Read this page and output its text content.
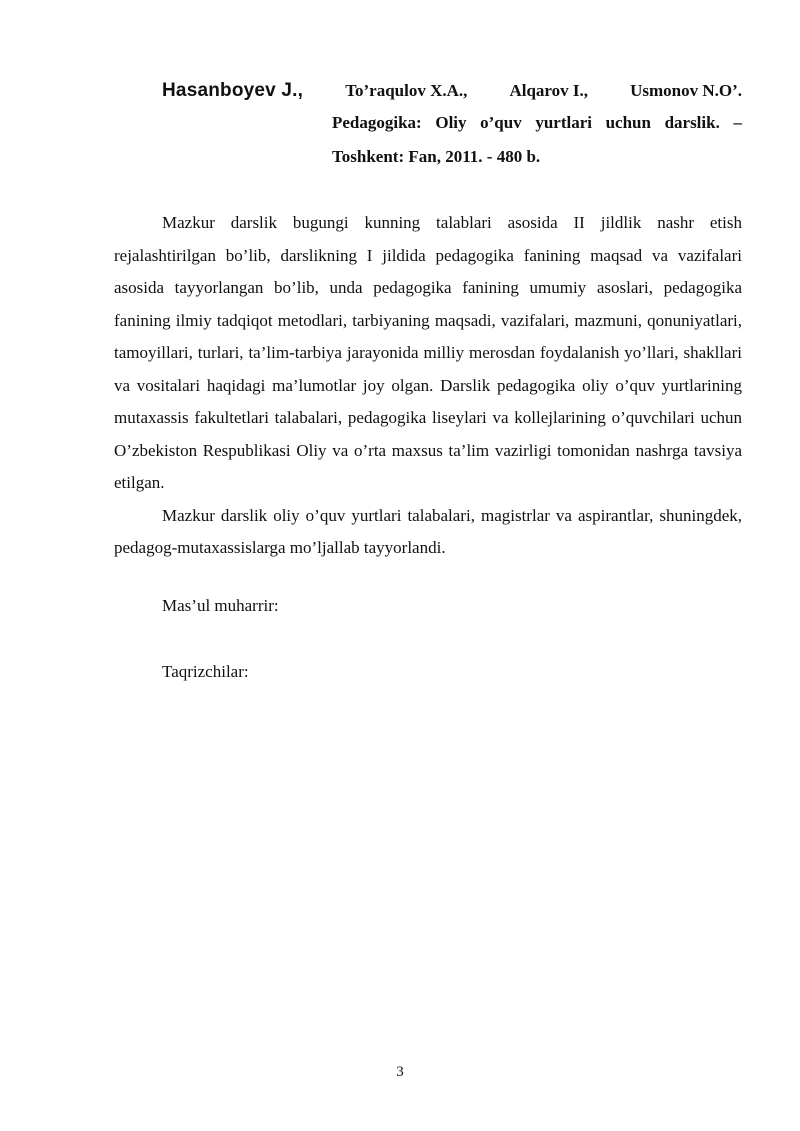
Hasanboyev J., To’raqulov X.A., Alqarov I., Usmonov N.O’.
Pedagogika: Oliy o’quv yurtlari uchun darslik. –
Toshkent: Fan, 2011. - 480 b.

Mazkur darslik bugungi kunning talablari asosida II jildlik nashr etish rejalashtirilgan bo’lib, darslikning I jildida pedagogika fanining maqsad va vazifalari asosida tayyorlangan bo’lib, unda pedagogika fanining umumiy asoslari, pedagogika fanining ilmiy tadqiqot metodlari, tarbiyaning maqsadi, vazifalari, mazmuni, qonuniyatlari, tamoyillari, turlari, ta’lim-tarbiya jarayonida milliy merosdan foydalanish yo’llari, shakllari va vositalari haqidagi ma’lumotlar joy olgan. Darslik pedagogika oliy o’quv yurtlarining mutaxassis fakultetlari talabalari, pedagogika liseylari va kollejlarining o’quvchilari uchun O’zbekiston Respublikasi Oliy va o’rta maxsus ta’lim vazirligi tomonidan nashrga tavsiya etilgan.

Mazkur darslik oliy o’quv yurtlari talabalari, magistrlar va aspirantlar, shuningdek, pedagog-mutaxassislarga mo’ljallab tayyorlandi.

Mas’ul muharrir:
Taqrizchilar:
3
